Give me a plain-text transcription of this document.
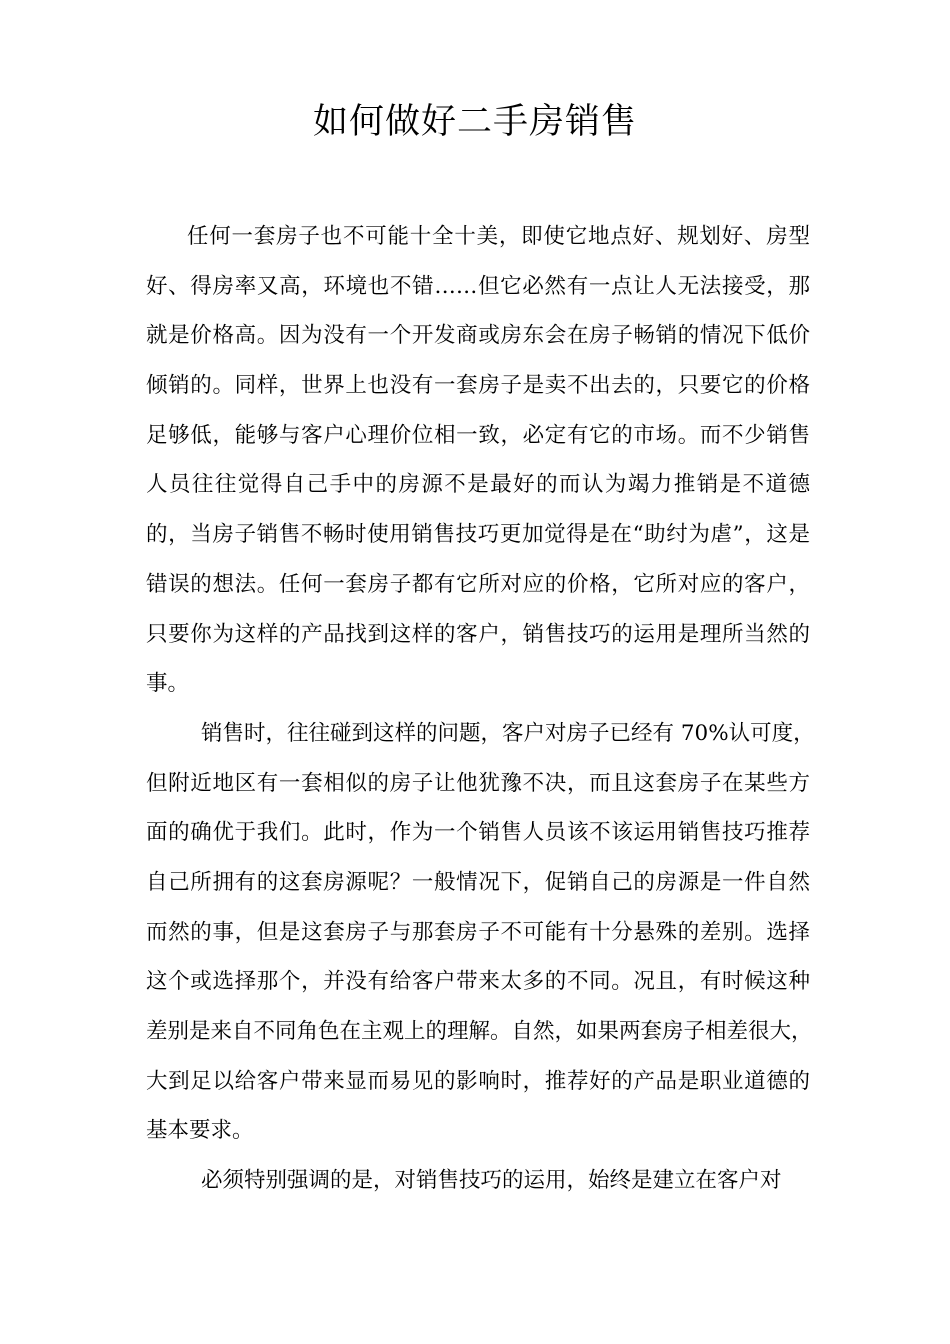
如何做好二手房销售
任何一套房子也不可能十全十美，即使它地点好、规划好、房型
好、得房率又高，环境也不错……但它必然有一点让人无法接受，那
就是价格高。因为没有一个开发商或房东会在房子畅销的情况下低价
倾销的。同样，世界上也没有一套房子是卖不出去的，只要它的价格
足够低，能够与客户心理价位相一致，必定有它的市场。而不少销售
人员往往觉得自己手中的房源不是最好的而认为竭力推销是不道德
的，当房子销售不畅时使用销售技巧更加觉得是在“助纣为虐”，这是
错误的想法。任何一套房子都有它所对应的价格，它所对应的客户，
只要你为这样的产品找到这样的客户，销售技巧的运用是理所当然的
事。
销售时，往往碰到这样的问题，客户对房子已经有 70%认可度，
但附近地区有一套相似的房子让他犹豫不决，而且这套房子在某些方
面的确优于我们。此时，作为一个销售人员该不该运用销售技巧推荐
自己所拥有的这套房源呢？一般情况下，促销自己的房源是一件自然
而然的事，但是这套房子与那套房子不可能有十分悬殊的差别。选择
这个或选择那个，并没有给客户带来太多的不同。况且，有时候这种
差别是来自不同角色在主观上的理解。自然，如果两套房子相差很大，
大到足以给客户带来显而易见的影响时，推荐好的产品是职业道德的
基本要求。
必须特别强调的是，对销售技巧的运用，始终是建立在客户对
